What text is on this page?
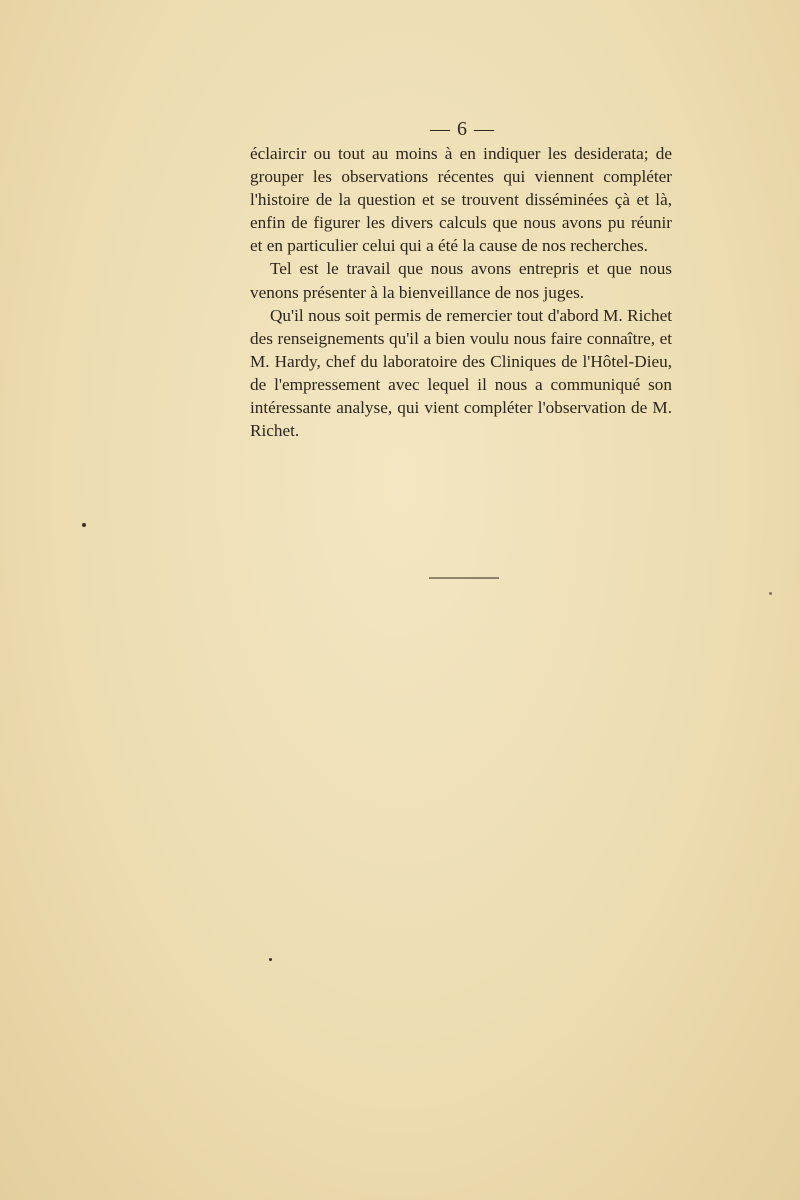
— 6 —

éclaircir ou tout au moins à en indiquer les desiderata; de grouper les observations récentes qui viennent compléter l'histoire de la question et se trouvent disséminées çà et là, enfin de figurer les divers calculs que nous avons pu réunir et en particulier celui qui a été la cause de nos recherches.

Tel est le travail que nous avons entrepris et que nous venons présenter à la bienveillance de nos juges.

Qu'il nous soit permis de remercier tout d'abord M. Richet des renseignements qu'il a bien voulu nous faire connaître, et M. Hardy, chef du laboratoire des Cliniques de l'Hôtel-Dieu, de l'empressement avec lequel il nous a communiqué son intéressante analyse, qui vient compléter l'observation de M. Richet.
